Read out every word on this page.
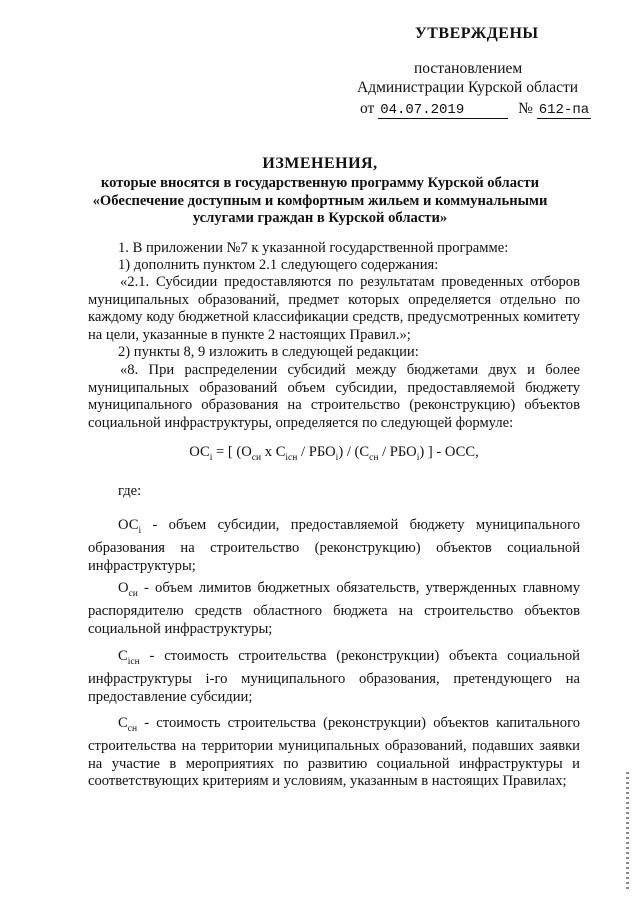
УТВЕРЖДЕНЫ
постановлением
Администрации Курской области
от 04.07.2019	№ 612-па
ИЗМЕНЕНИЯ,
которые вносятся в государственную программу Курской области
«Обеспечение доступным и комфортным жильем и коммунальными
услугами граждан в Курской области»
1. В приложении №7 к указанной государственной программе:
1) дополнить пунктом 2.1 следующего содержания:
«2.1. Субсидии предоставляются по результатам проведенных отборов муниципальных образований, предмет которых определяется отдельно по каждому коду бюджетной классификации средств, предусмотренных комитету на цели, указанные в пункте 2 настоящих Правил.»;
2) пункты 8, 9 изложить в следующей редакции:
«8. При распределении субсидий между бюджетами двух и более муниципальных образований объем субсидии, предоставляемой бюджету муниципального образования на строительство (реконструкцию) объектов социальной инфраструктуры, определяется по следующей формуле:
$ОС_i$ = [ ($О_{си}$ х $С_{iсн} / РБО_i) / (С_{сн} / РБО_i)$ ] - ОСС,
где:
$ОС_i$ - объем субсидии, предоставляемой бюджету муниципального образования на строительство (реконструкцию) объектов социальной инфраструктуры;
$О_{си}$ - объем лимитов бюджетных обязательств, утвержденных главному распорядителю средств областного бюджета на строительство объектов социальной инфраструктуры;
$С_{iсн}$ - стоимость строительства (реконструкции) объекта социальной инфраструктуры i-го муниципального образования, претендующего на предоставление субсидии;
$С_{сн}$ - стоимость строительства (реконструкции) объектов капитального строительства на территории муниципальных образований, подавших заявки на участие в мероприятиях по развитию социальной инфраструктуры и соответствующих критериям и условиям, указанным в настоящих Правилах;
